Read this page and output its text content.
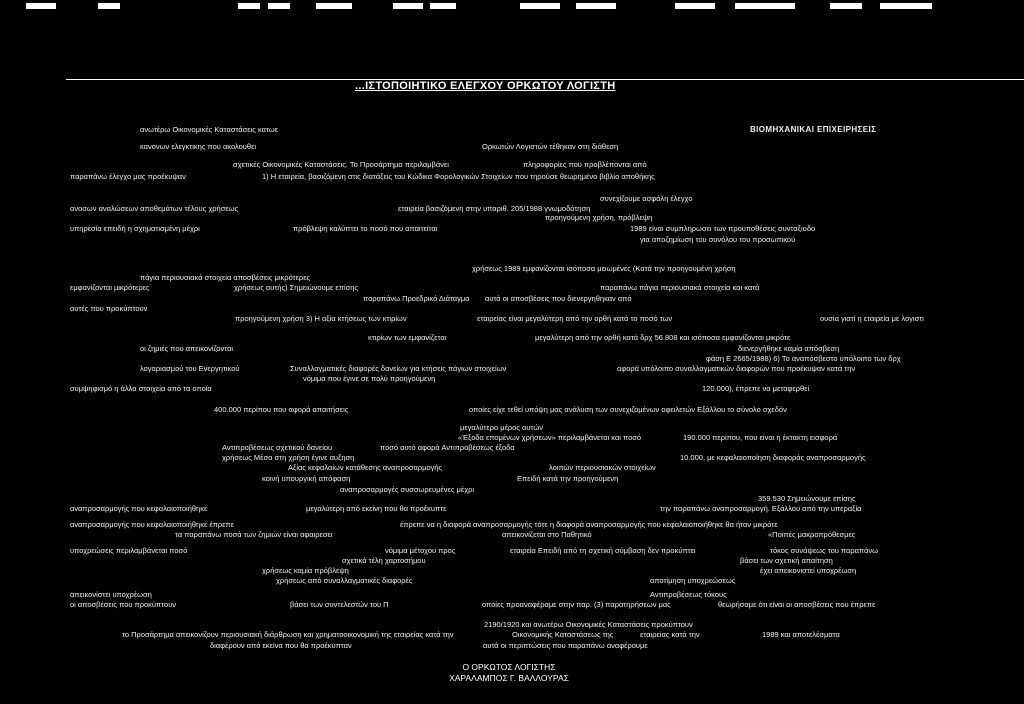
...ΙΣΤΟΠΟΙΗΤΙΚΟ ΕΛΕΓΧΟΥ ΟΡΚΩΤΟΥ ΛΟΓΙΣΤΗ
ανωτέρω Οικονομικές Καταστάσεις κατωε	ΒΙΟΜΗΧΑΝΙΚΑΙ ΕΠΙΧΕΙΡΗΣΕΙΣ
κανονων ελεγκτικης που ακολουθει	Ορκωτών Λογιστών τέθηκαν στη διάθεση
σχετικές Οικονομικές Καταστάσεις. Το Προσάρτημα περιλαμβάνει	πληροφορίες που προβλέπονται από
παραπάνω έλεγχο μας προέκυψαν	1) Η εταιρεία, βασιζόμενη στις διατάξεις του Κώδικα Φορολογικών Στοιχείων που τηρούσε θεωρημένο βιβλίο αποθήκης
συνεχίζουμε ασφάλη έλεγχο
ανοσων αναλώσεων αποθεμάτων τέλους χρήσεως	εταιρεία βασιζόμενη στην υπαριθ. 205/1988 γνωμοδότηση
προηγούμενη χρήση, πρόβλεψη
υπηρεσία επειδή η σχηματισμένη μέχρι	πρόβλεψη καλύπτει το ποσό που απαιτείται	1989 είναι συμπληρωσει των προυποθέσεις συνταξιοδο
για αποζημίωση του συνόλου του προσωπικού
χρήσεως 1989 εμφανίζονται ισόποσα μειωμένες (Κατά την προηγουμένη χρήση
πάγια περιουσιακά στοιχεία αποσβέσεις μικρότερες
εμφανίζονται μικρότερες	χρήσεως αυτής) Σημειώνουμε επίσης	παραπάνω πάγια περιουσιακά στοιχεία και κατά
παραπάνω Προεδρικό Διάταγμα αυτά οι αποσβέσεις που διενεργηθηκαν από
αυτές που προκύπτουν
προηγούμενη χρήση 3) Η αξία κτήσεως των κτιρίων	εταιρείας είναι μεγαλύτερη από την ορθή κατά το ποσό των	ουσία γιατί η εταιρεία με λογιστι
κτιρίων των εμφανίζεται	μεγαλύτερη από την ορθή κατά δρχ 56.808 και ισόποσα εμφανίζονται μικρότε
οι ζημιές που απεικονίζονται	διενεργήθηκε καμία απόσβεση
φάση Ε 2665/1988) 6) Το αναπόσβεστο υπόλοιπο των δρχ
λογαριασμού του Ενεργητικού	Συναλλαγματικές διαφορές δανείων για κτήσεις πάγιων στοιχείων	αφορά υπόλοιπο συναλλαγματικών διαφορών που προέκυψαν κατά την
νόμιμα που έγινε σε πολύ προηγούμενη
συμψηφισμό η άλλα στοιχεία από τα οποία	120.000), έπρεπε να μεταφερθεί
400.000 περίπου που αφορά απαιτήσεις	οποίες είχε τεθεί υπόψη μας ανάλυση των συνεχιζομένων οφειλετών Εξάλλου το σύνολο σχεδόν
μεγαλύτερο μέρος αυτών
«Έξοδα επομένων χρήσεων» περιλαμβάνεται και ποσό	190.000 περίπου, που είναι η έκτακτη εισφορά
Αντιπροβέσεως σχετικού δανείου	ποσό αυτό αφορά Αντιπροβέσεως έξοδα
χρήσεως Μέσα στη χρήση έγινε αυξηση	10.000, με κεφαλαιοποίηση διαφοράς αναπροσαρμογής
Αξίας κεφαλαίων κατάθεσης αναπροσαρμογής	λοιπών περιουσιακών στοιχείων
κοινή υπουργική απόφαση	Επειδή κατά την προηγούμενη
αναπροσαρμογές συσσωρευμένες μέχρι
359.530 Σημειώνουμε επίσης
αναπροσαρμογής που κεφαλαιοποιήθηκε	μεγαλύτερη από εκείνη που θα προέκυπτε	την παραπάνω αναπροσαρμογή. Εξάλλου από την υπεραξία
αναπροσαρμογής που κεφαλαιοποιήθηκε έπρεπε
τα παραπάνω ποσά των ζημιών είναι αφαιρεσει
έπρεπε να η διαφορά αναπροσαρμογής τότε η διαφορά αναπροσαρμογής που κεφαλαιοποιήθηκε θα ήταν μικρότε
απεικονίζεται στο Παθητικό	«Ποιπές μακροπρόθεσμες
υποχρεώσεις περιλαμβάνεται ποσό	νόμιμα μέτοχου προς	εταιρεία Επειδή από τη σχετική σύμβαση δεν προκύπτει	τόκος συνάψεως του παραπάνω
σχετικά τέλη χαρτοσήμου	βάσει των σχετική απαίτηση
χρήσεως καμία πρόβλεψη	έχει απεικονιστεί υποχρέωση
χρήσεως από συναλλαγματικές διαφορές	αποτίμηση υποχρεώσεως
απεικονίστει υποχρέωση	Αντιπροβέσεως τόκους
οι αποσβέσεις που προκύπτουν	βάσει των συντελεστών του Π	οποίες προαναφέραμε στην παρ. (3) παρατηρήσεων μας	θεωρήσαμε ότι είναι οι αποσβέσεις που έπρεπε
2190/1920 και ανωτέρω Οικονομικές Καταστάσεις προκύπτουν
το Προσάρτημα απεικονίζουν περιουσιακή διάρθρωση και χρηματοοικονομική της εταιρείας κατά την	Οικονομικής Καταστάσεως της	εταιρείας κατά την	1989 και αποτελέσματα
διαφέρουν από εκείνα που θα προέκυπταν	αυτά οι περιπτώσεις που παραπάνω αναφέρουμε
Ο ΟΡΚΩΤΟΣ ΛΟΓΙΣΤΗΣ
ΧΑΡΑΛΑΜΠΟΣ Γ. ΒΑΛΛΟΥΡΑΣ
